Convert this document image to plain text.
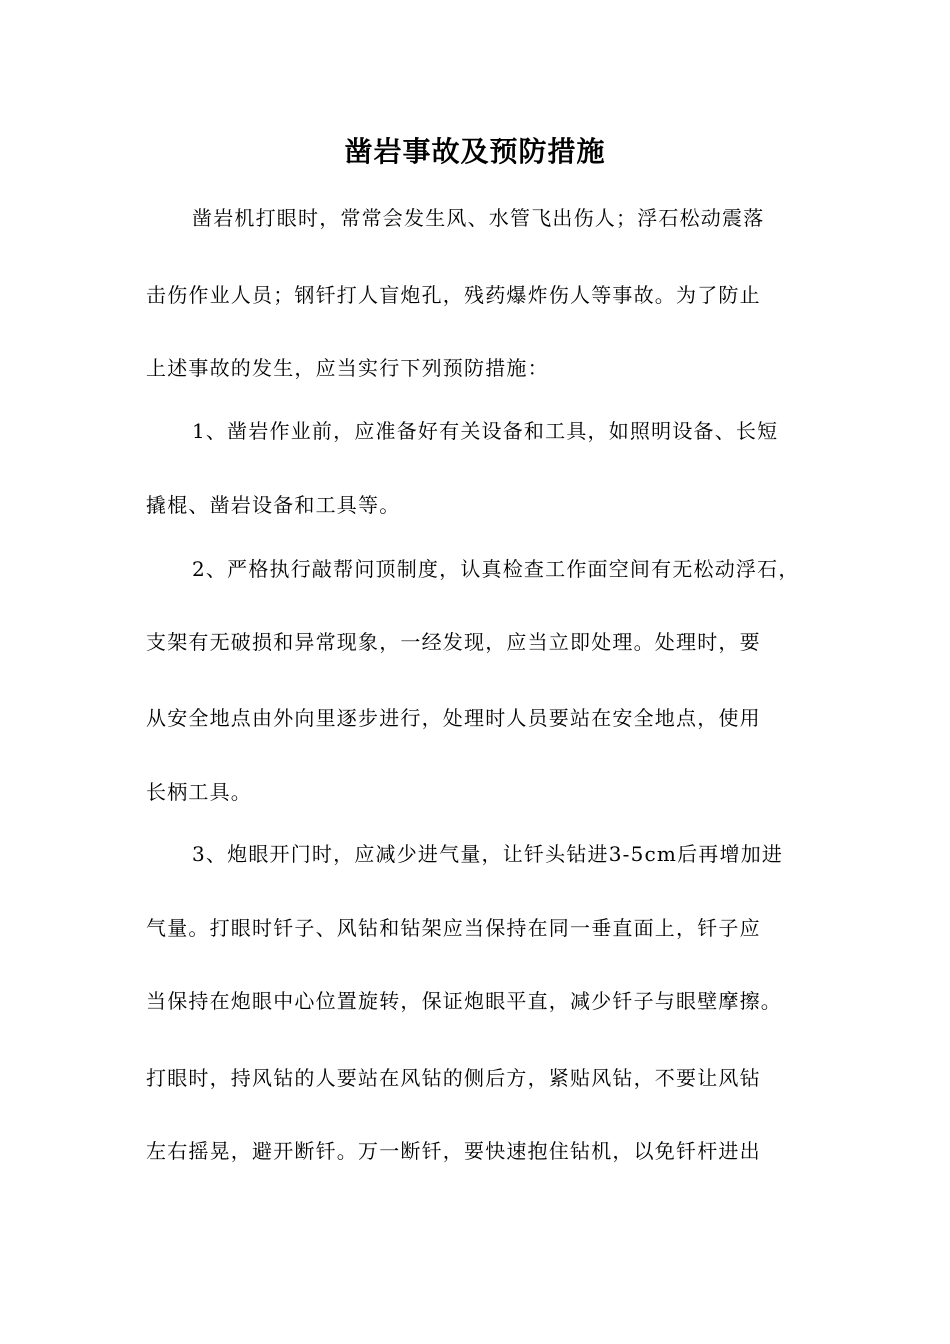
凿岩事故及预防措施
凿岩机打眼时，常常会发生风、水管飞出伤人；浮石松动震落
击伤作业人员；钢钎打人盲炮孔，残药爆炸伤人等事故。为了防止
上述事故的发生，应当实行下列预防措施：
1、凿岩作业前，应准备好有关设备和工具，如照明设备、长短
撬棍、凿岩设备和工具等。
2、严格执行敲帮问顶制度，认真检查工作面空间有无松动浮石，
支架有无破损和异常现象，一经发现，应当立即处理。处理时，要
从安全地点由外向里逐步进行，处理时人员要站在安全地点，使用
长柄工具。
3、炮眼开门时，应减少进气量，让钎头钻进3-5cm后再增加进
气量。打眼时钎子、风钻和钻架应当保持在同一垂直面上，钎子应
当保持在炮眼中心位置旋转，保证炮眼平直，减少钎子与眼壁摩擦。
打眼时，持风钻的人要站在风钻的侧后方，紧贴风钻，不要让风钻
左右摇晃，避开断钎。万一断钎，要快速抱住钻机，以免钎杆进出
